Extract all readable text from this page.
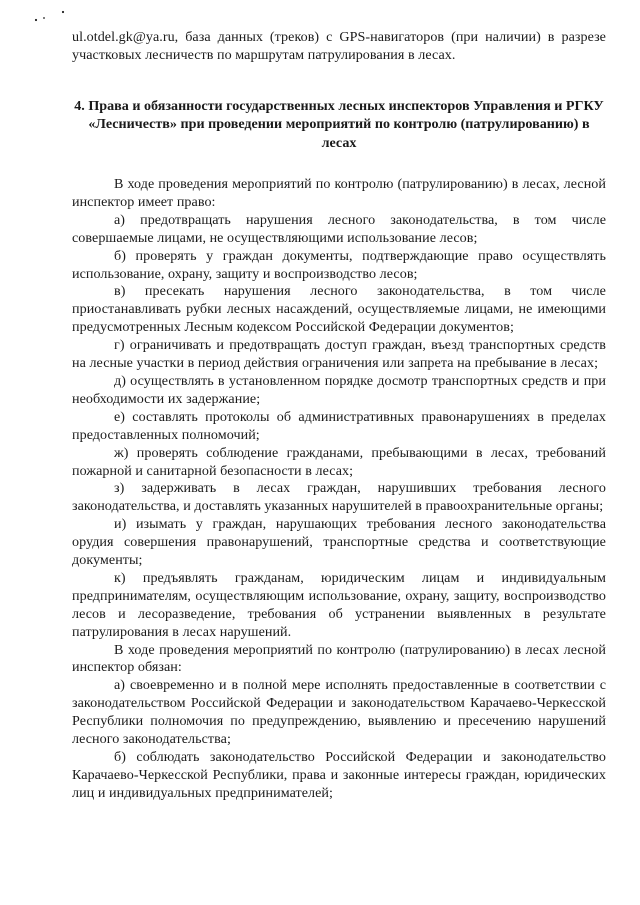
ul.otdel.gk@ya.ru, база данных (треков) с GPS-навигаторов (при наличии) в разрезе участковых лесничеств по маршрутам патрулирования в лесах.
4. Права и обязанности государственных лесных инспекторов Управления и РГКУ «Лесничеств» при проведении мероприятий по контролю (патрулированию) в лесах

В ходе проведения мероприятий по контролю (патрулированию) в лесах, лесной инспектор имеет право:

а) предотвращать нарушения лесного законодательства, в том числе совершаемые лицами, не осуществляющими использование лесов;

б) проверять у граждан документы, подтверждающие право осуществлять использование, охрану, защиту и воспроизводство лесов;

в) пресекать нарушения лесного законодательства, в том числе приостанавливать рубки лесных насаждений, осуществляемые лицами, не имеющими предусмотренных Лесным кодексом Российской Федерации документов;

г) ограничивать и предотвращать доступ граждан, въезд транспортных средств на лесные участки в период действия ограничения или запрета на пребывание в лесах;

д) осуществлять в установленном порядке досмотр транспортных средств и при необходимости их задержание;

е) составлять протоколы об административных правонарушениях в пределах предоставленных полномочий;

ж) проверять соблюдение гражданами, пребывающими в лесах, требований пожарной и санитарной безопасности в лесах;

з) задерживать в лесах граждан, нарушивших требования лесного законодательства, и доставлять указанных нарушителей в правоохранительные органы;

и) изымать у граждан, нарушающих требования лесного законодательства орудия совершения правонарушений, транспортные средства и соответствующие документы;

к) предъявлять гражданам, юридическим лицам и индивидуальным предпринимателям, осуществляющим использование, охрану, защиту, воспроизводство лесов и лесоразведение, требования об устранении выявленных в результате патрулирования в лесах нарушений.

В ходе проведения мероприятий по контролю (патрулированию) в лесах лесной инспектор обязан:

а) своевременно и в полной мере исполнять предоставленные в соответствии с законодательством Российской Федерации и законодательством Карачаево-Черкесской Республики полномочия по предупреждению, выявлению и пресечению нарушений лесного законодательства;

б) соблюдать законодательство Российской Федерации и законодательство Карачаево-Черкесской Республики, права и законные интересы граждан, юридических лиц и индивидуальных предпринимателей;
